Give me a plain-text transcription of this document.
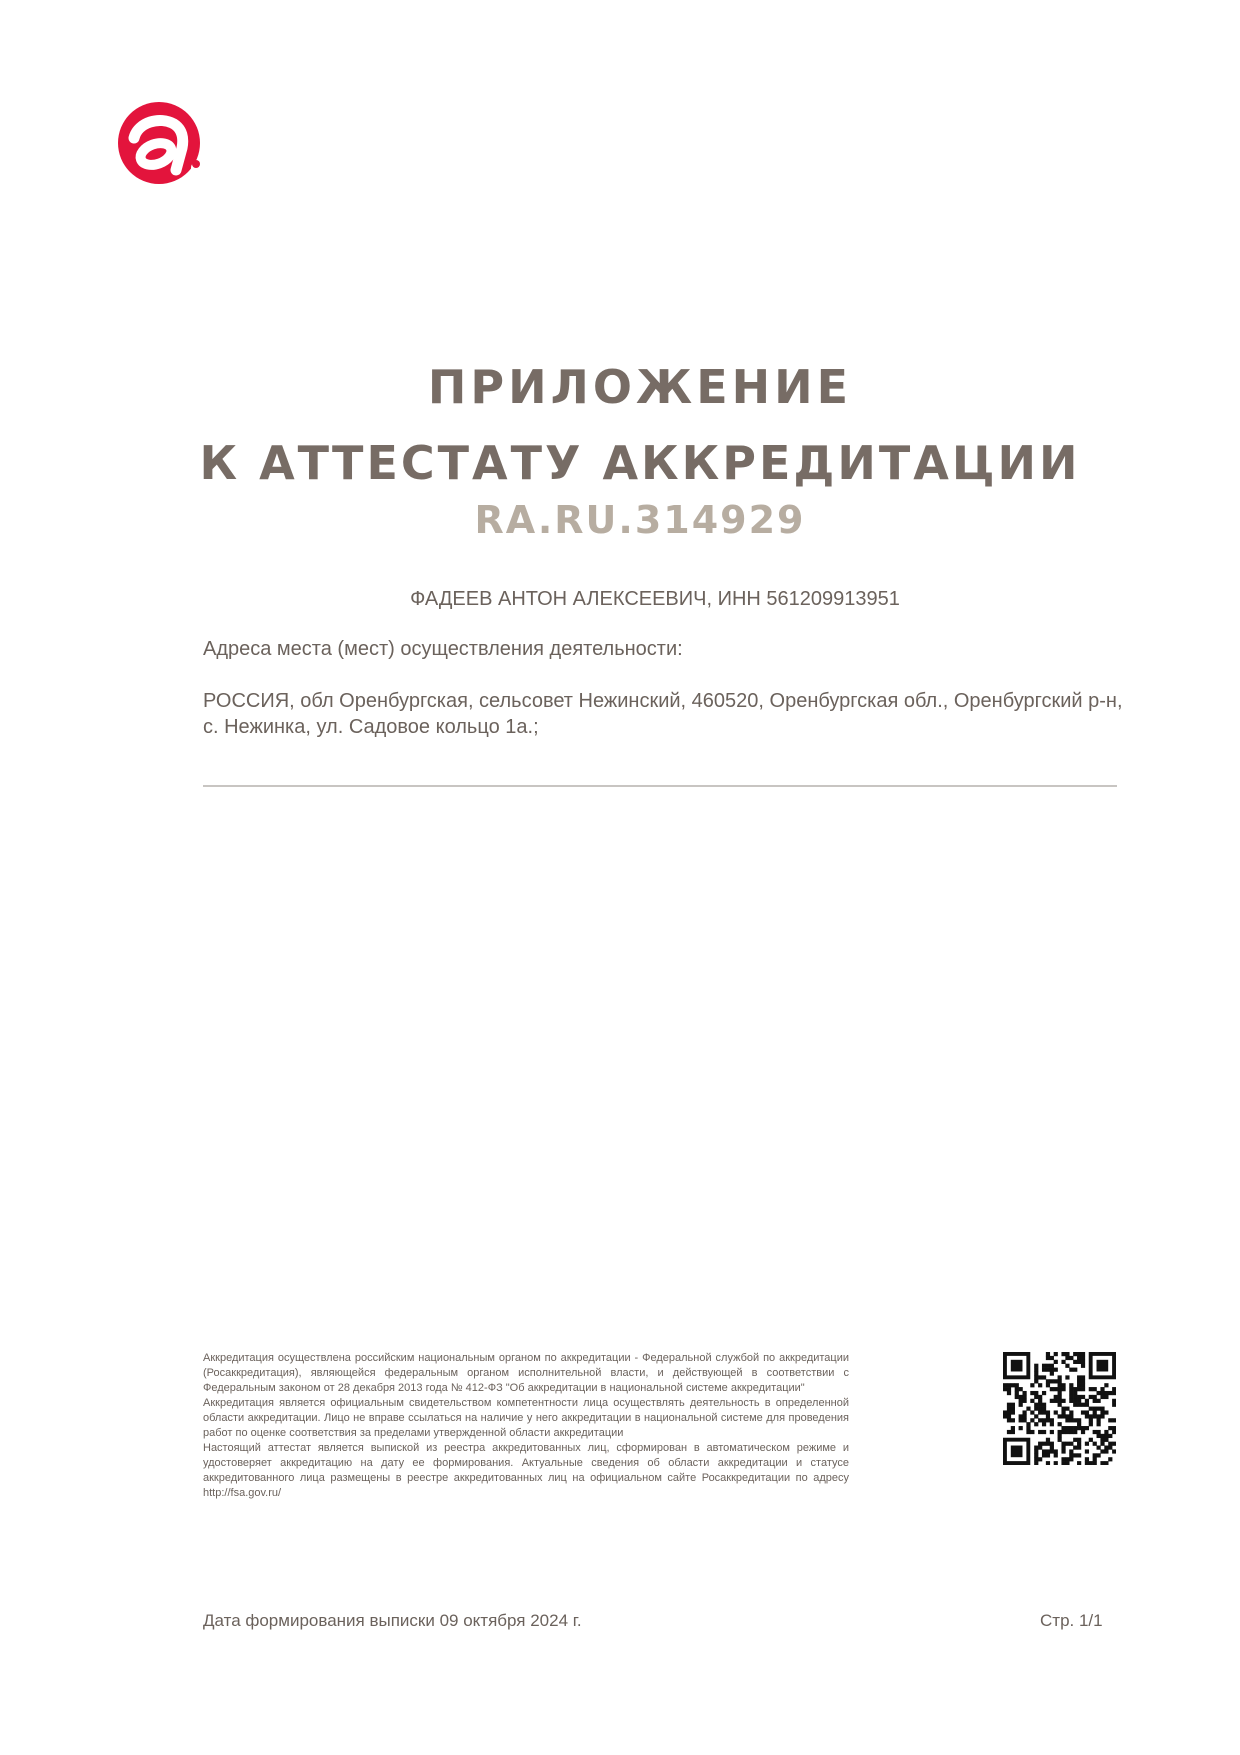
ПРИЛОЖЕНИЕ
К АТТЕСТАТУ АККРЕДИТАЦИИ
RA.RU.314929
ФАДЕЕВ АНТОН АЛЕКСЕЕВИЧ, ИНН 561209913951
Адреса места (мест) осуществления деятельности:
РОССИЯ, обл Оренбургская, сельсовет Нежинский, 460520, Оренбургская обл., Оренбургский р-н, с. Нежинка, ул. Садовое кольцо 1а.;

Аккредитация осуществлена российским национальным органом по аккредитации - Федеральной службой по аккредитации (Росаккредитация), являющейся федеральным органом исполнительной власти, и действующей в соответствии с Федеральным законом от 28 декабря 2013 года № 412-ФЗ "Об аккредитации в национальной системе аккредитации"

Аккредитация является официальным свидетельством компетентности лица осуществлять деятельность в определенной области аккредитации. Лицо не вправе ссылаться на наличие у него аккредитации в национальной системе для проведения работ по оценке соответствия за пределами утвержденной области аккредитации

Настоящий аттестат является выпиской из реестра аккредитованных лиц, сформирован в автоматическом режиме и удостоверяет аккредитацию на дату ее формирования. Актуальные сведения об области аккредитации и статусе аккредитованного лица размещены в реестре аккредитованных лиц на официальном сайте Росаккредитации по адресу http://fsa.gov.ru/

Дата формирования выписки 09 октября 2024 г.	Стр. 1/1
